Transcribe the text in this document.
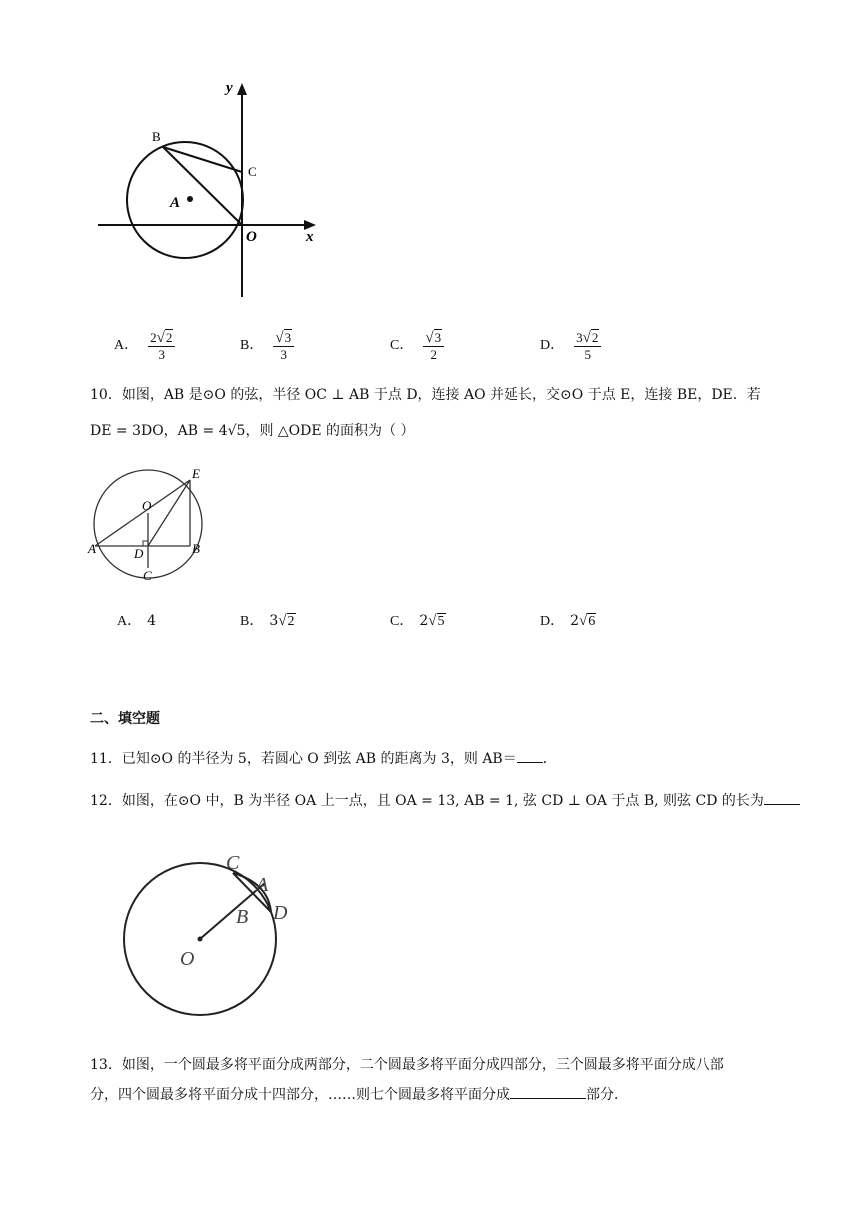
y
x
O
A
B
C
A． $\frac{2√2}{3}$	B． $\frac{√3}{3}$	C． $\frac{√3}{2}$	D． $\frac{3√2}{5}$
10．如图，AB 是⊙O 的弦，半径 OC ⊥ AB 于点 D，连接 AO 并延长，交⊙O 于点 E，连接 BE，DE．若
DE = 3DO，AB = 4√5，则 △ODE 的面积为（ ）
O
E
A	D	B
C
A． 4	B． 3√2	C． 2√5	D． 2√6
二、填空题
11．已知⊙O 的半径为 5，若圆心 O 到弦 AB 的距离为 3，则 AB＝ ．
12．如图，在⊙O 中，B 为半径 OA 上一点，且 OA = 13, AB = 1, 弦 CD ⊥ OA 于点 B, 则弦 CD 的长为
C
A
B D
O
13．如图，一个圆最多将平面分成两部分，二个圆最多将平面分成四部分，三个圆最多将平面分成八部
分，四个圆最多将平面分成十四部分，……则七个圆最多将平面分成	部分．
